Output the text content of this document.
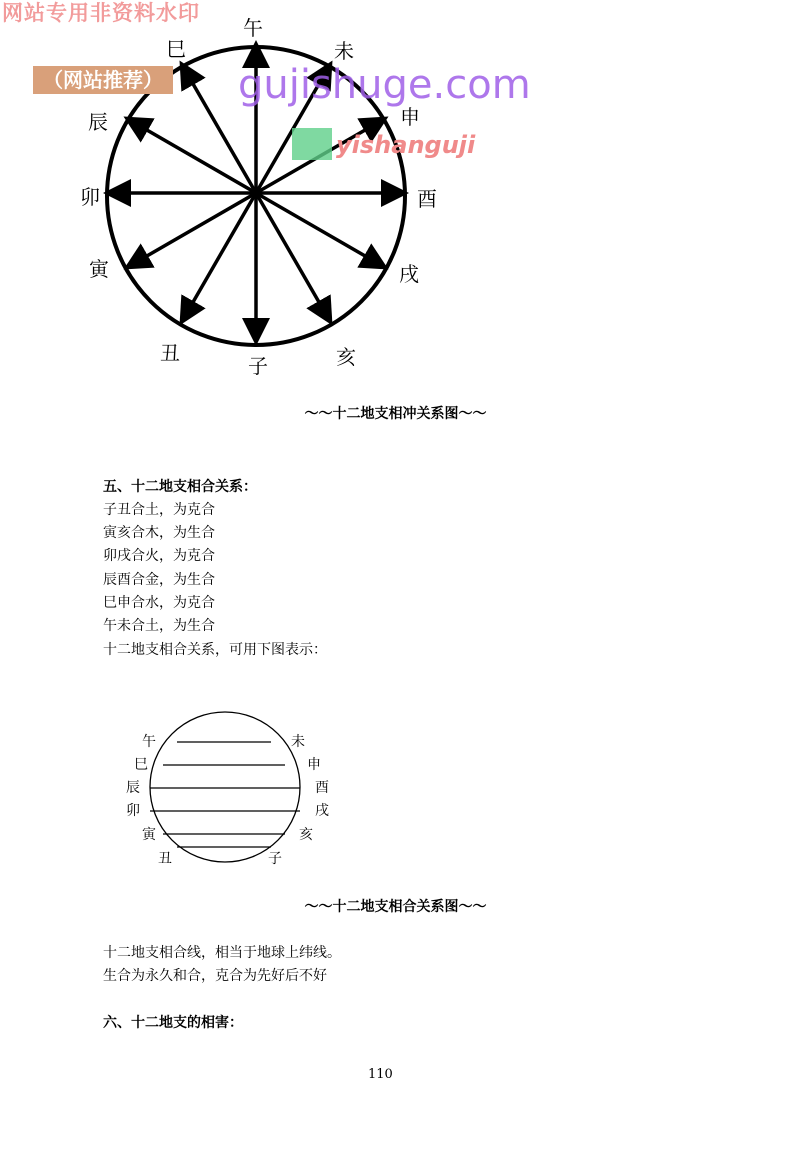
午
未
申
酉
戌
亥
子
丑
寅
卯
辰
巳
网站专用非资料水印
（网站推荐） gujishuge.com
yishanguji
～～十二地支相冲关系图～～
五、十二地支相合关系：
子丑合土，为克合
寅亥合木，为生合
卯戌合火，为克合
辰酉合金，为生合
巳申合水，为克合
午未合土，为生合
十二地支相合关系，可用下图表示：
午
巳
辰
卯
寅
丑
未
申
酉
戌
亥
子
～～十二地支相合关系图～～
十二地支相合线，相当于地球上纬线。
生合为永久和合，克合为先好后不好
六、十二地支的相害：
110
